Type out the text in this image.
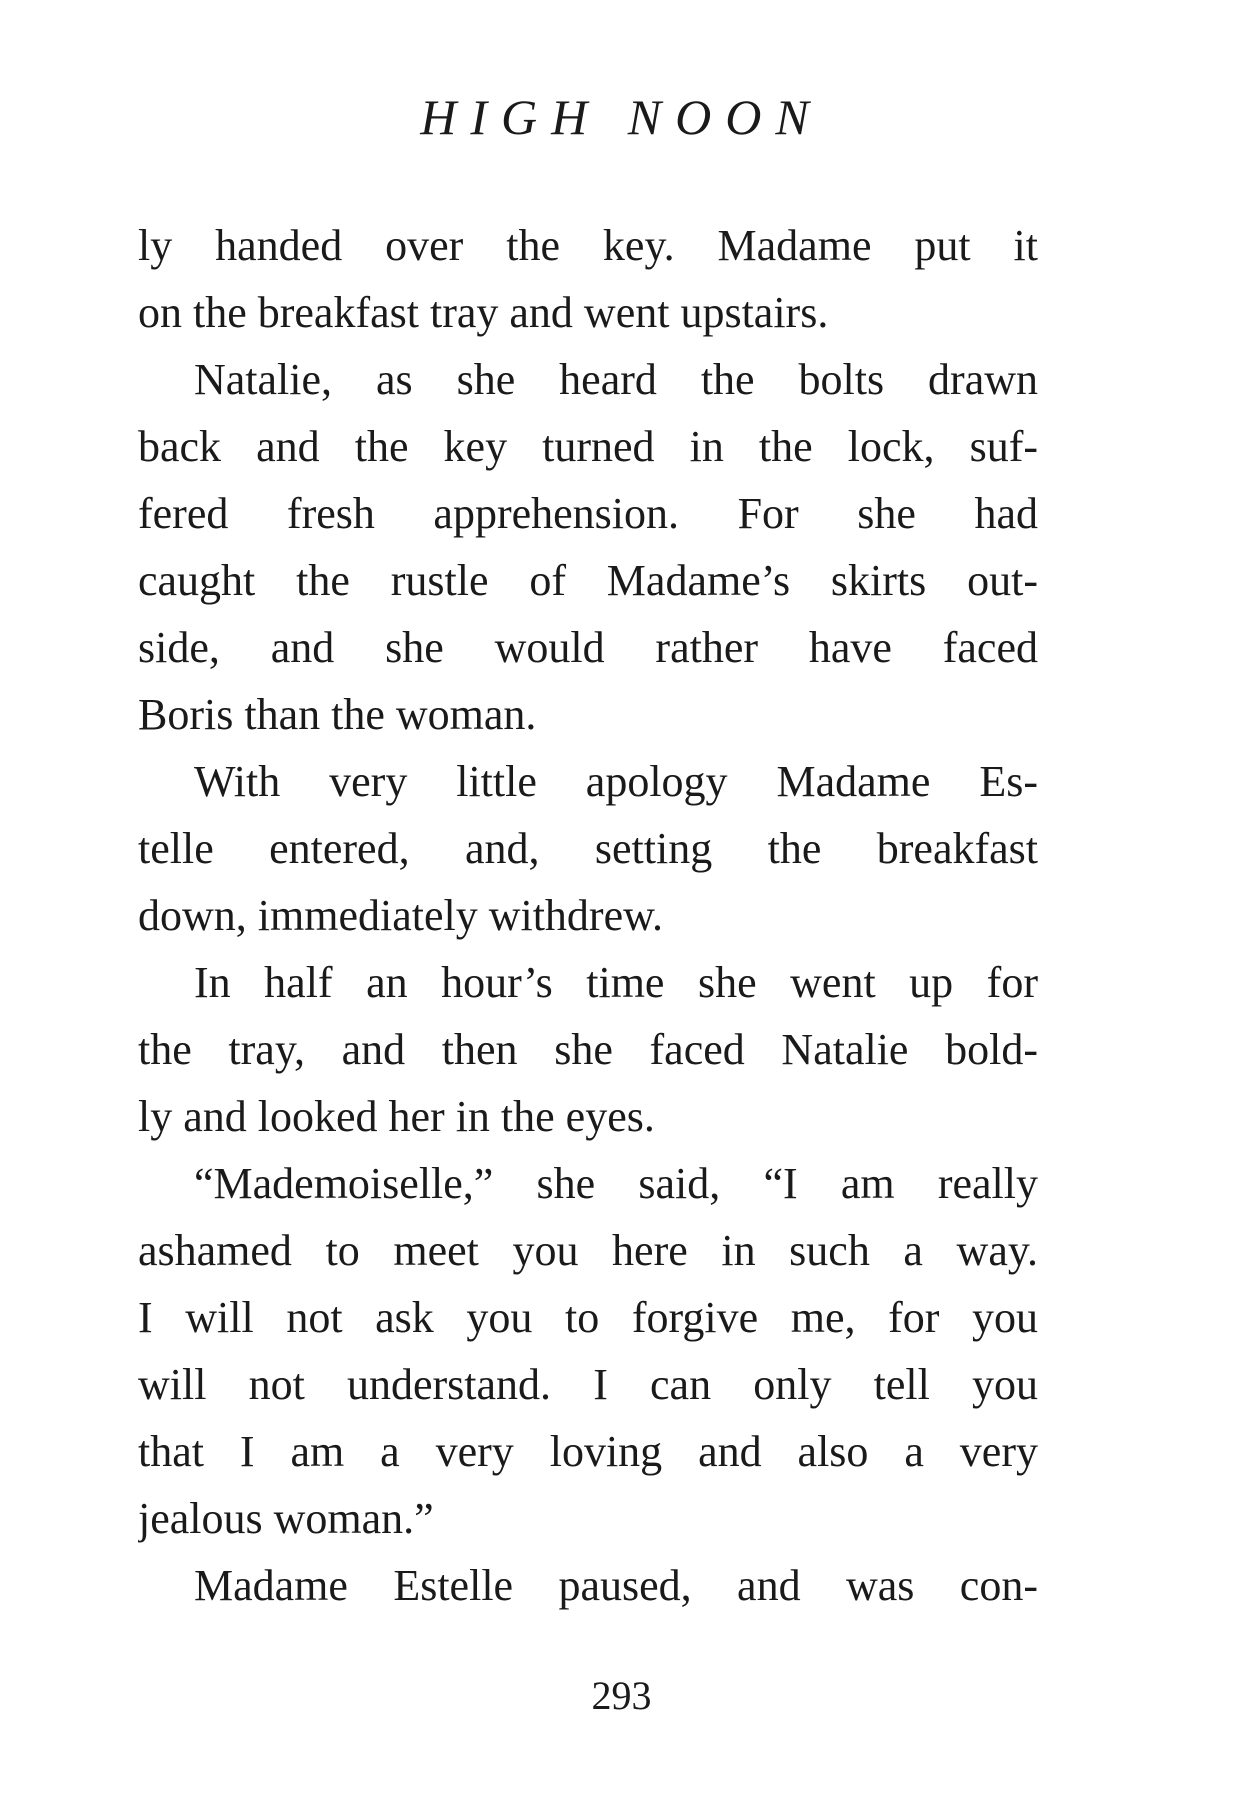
HIGH NOON
ly handed over the key. Madame put it
on the breakfast tray and went upstairs.
Natalie, as she heard the bolts drawn
back and the key turned in the lock, suf-
fered fresh apprehension. For she had
caught the rustle of Madame’s skirts out-
side, and she would rather have faced
Boris than the woman.
With very little apology Madame Es-
telle entered, and, setting the breakfast
down, immediately withdrew.
In half an hour’s time she went up for
the tray, and then she faced Natalie bold-
ly and looked her in the eyes.
“Mademoiselle,” she said, “I am really
ashamed to meet you here in such a way.
I will not ask you to forgive me, for you
will not understand. I can only tell you
that I am a very loving and also a very
jealous woman.”
Madame Estelle paused, and was con-
293
